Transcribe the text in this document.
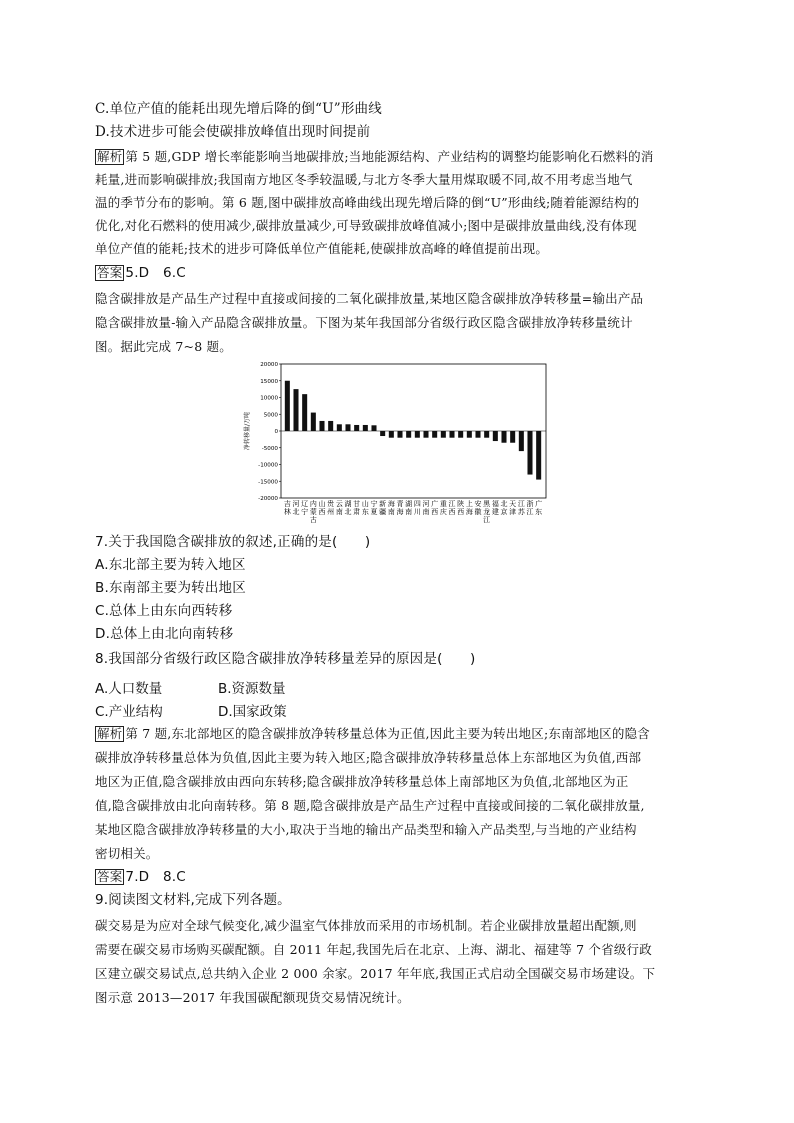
C.单位产值的能耗出现先增后降的倒“U”形曲线
D.技术进步可能会使碳排放峰值出现时间提前
解析 第 5 题,GDP 增长率能影响当地碳排放;当地能源结构、产业结构的调整均能影响化石燃料的消
耗量,进而影响碳排放;我国南方地区冬季较温暖,与北方冬季大量用煤取暖不同,故不用考虑当地气
温的季节分布的影响。第 6 题,图中碳排放高峰曲线出现先增后降的倒“U”形曲线;随着能源结构的
优化,对化石燃料的使用减少,碳排放量减少,可导致碳排放峰值减小;图中是碳排放量曲线,没有体现
单位产值的能耗;技术的进步可降低单位产值能耗,使碳排放高峰的峰值提前出现。
答案 5.D　6.C
隐含碳排放是产品生产过程中直接或间接的二氧化碳排放量,某地区隐含碳排放净转移量=输出产品
隐含碳排放量-输入产品隐含碳排放量。下图为某年我国部分省级行政区隐含碳排放净转移量统计
图。据此完成 7~8 题。
20000
15000
10000
5000
0
-5000
-10000
-15000
-20000
吉
林
河
北
辽
宁
内
蒙
古
山
西
贵
州
云
南
湖
北
甘
肃
山
东
宁
夏
新
疆
海
南
青
海
湖
南
四
川
河
南
广
西
重
庆
江
西
陕
西
上
海
安
徽
黑
龙
江
福
建
北
京
天
津
江
苏
浙
江
广
东
净转移量/万吨
7.关于我国隐含碳排放的叙述,正确的是(　　)
A.东北部主要为转入地区
B.东南部主要为转出地区
C.总体上由东向西转移
D.总体上由北向南转移
8.我国部分省级行政区隐含碳排放净转移量差异的原因是(　　)
A.人口数量	B.资源数量
C.产业结构	D.国家政策
解析 第 7 题,东北部地区的隐含碳排放净转移量总体为正值,因此主要为转出地区;东南部地区的隐含
碳排放净转移量总体为负值,因此主要为转入地区;隐含碳排放净转移量总体上东部地区为负值,西部
地区为正值,隐含碳排放由西向东转移;隐含碳排放净转移量总体上南部地区为负值,北部地区为正
值,隐含碳排放由北向南转移。第 8 题,隐含碳排放是产品生产过程中直接或间接的二氧化碳排放量,
某地区隐含碳排放净转移量的大小,取决于当地的输出产品类型和输入产品类型,与当地的产业结构
密切相关。
答案 7.D　8.C
9.阅读图文材料,完成下列各题。
碳交易是为应对全球气候变化,减少温室气体排放而采用的市场机制。若企业碳排放量超出配额,则
需要在碳交易市场购买碳配额。自 2011 年起,我国先后在北京、上海、湖北、福建等 7 个省级行政
区建立碳交易试点,总共纳入企业 2 000 余家。2017 年年底,我国正式启动全国碳交易市场建设。下
图示意 2013—2017 年我国碳配额现货交易情况统计。
